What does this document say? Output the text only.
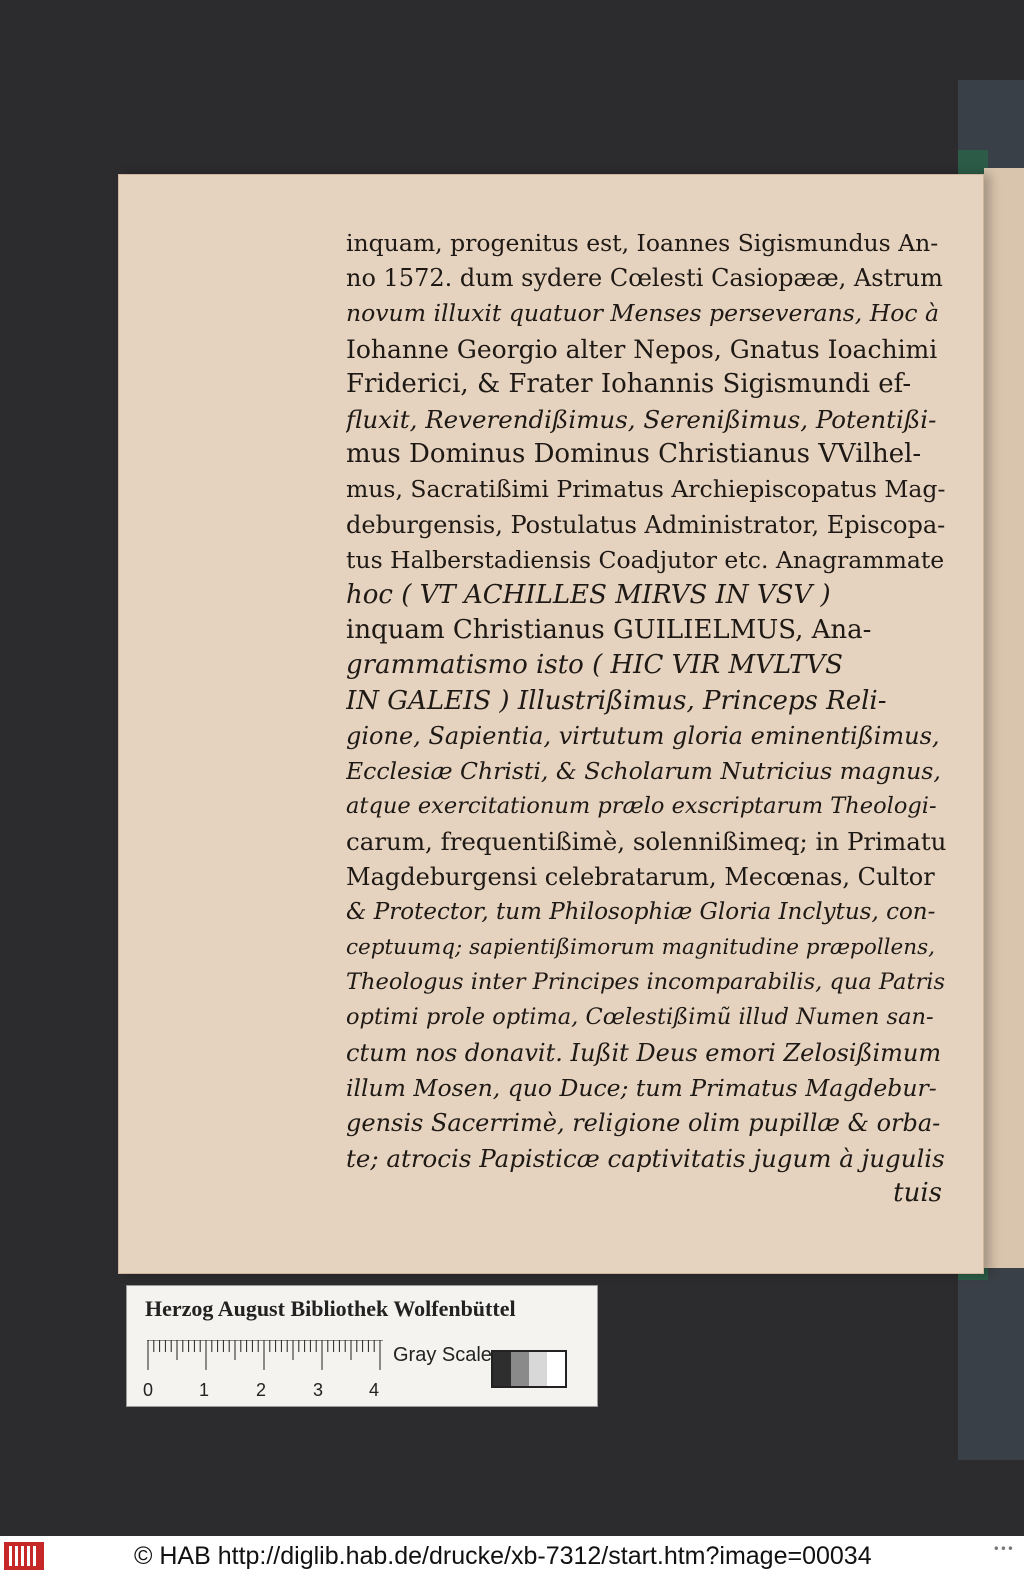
inquam, progenitus est, Ioannes Sigismundus An-
no 1572. dum sydere Cœlesti Casiopææ, Astrum
novum illuxit quatuor Menses perseverans, Hoc à
Iohanne Georgio alter Nepos, Gnatus Ioachimi
Friderici, & Frater Iohannis Sigismundi ef-
fluxit, Reverendißimus, Serenißimus, Potentißi-
mus Dominus Dominus Christianus VVilhel-
mus, Sacratißimi Primatus Archiepiscopatus Mag-
deburgensis, Postulatus Administrator, Episcopa-
tus Halberstadiensis Coadjutor etc. Anagrammate
hoc ( VT ACHILLES MIRVS IN VSV )
inquam Christianus GUILIELMUS, Ana-
grammatismo isto ( HIC VIR MVLTVS
IN GALEIS ) Illustrißimus, Princeps Reli-
gione, Sapientia, virtutum gloria eminentißimus,
Ecclesiæ Christi, & Scholarum Nutricius magnus,
atque exercitationum prælo exscriptarum Theologi-
carum, frequentißimè, solennißimeq; in Primatu
Magdeburgensi celebratarum, Mecœnas, Cultor
& Protector, tum Philosophiæ Gloria Inclytus, con-
ceptuumq; sapientißimorum magnitudine præpollens,
Theologus inter Principes incomparabilis, qua Patris
optimi prole optima, Cœlestißimũ illud Numen san-
ctum nos donavit. Iußit Deus emori Zelosißimum
illum Mosen, quo Duce; tum Primatus Magdebur-
gensis Sacerrimè, religione olim pupillæ & orba-
te; atrocis Papisticæ captivitatis jugum à jugulis
tuis
Herzog August Bibliothek Wolfenbüttel
0	1	2	3	4
Gray Scale
© HAB http://diglib.hab.de/drucke/xb-7312/start.htm?image=00034	•••
